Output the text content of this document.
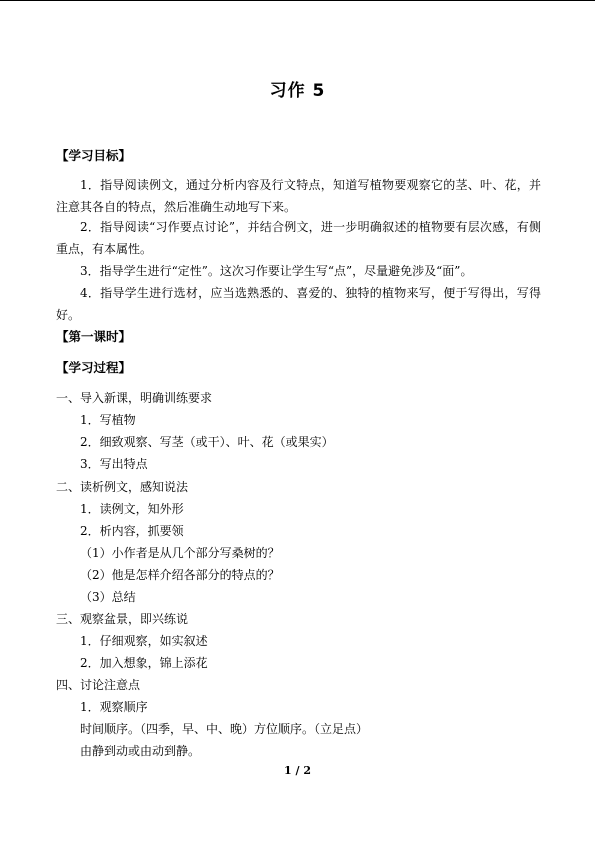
习作 5
【学习目标】
1．指导阅读例文，通过分析内容及行文特点，知道写植物要观察它的茎、叶、花，并注意其各自的特点，然后准确生动地写下来。
2．指导阅读“习作要点讨论”，并结合例文，进一步明确叙述的植物要有层次感，有侧重点，有本属性。
3．指导学生进行“定性”。这次习作要让学生写“点”，尽量避免涉及“面”。
4．指导学生进行选材，应当选熟悉的、喜爱的、独特的植物来写，便于写得出，写得好。
【第一课时】
【学习过程】
一、导入新课，明确训练要求
1．写植物
2．细致观察、写茎（或干）、叶、花（或果实）
3．写出特点
二、读析例文，感知说法
1．读例文，知外形
2．析内容，抓要领
（1）小作者是从几个部分写桑树的？
（2）他是怎样介绍各部分的特点的？
（3）总结
三、观察盆景，即兴练说
1．仔细观察，如实叙述
2．加入想象，锦上添花
四、讨论注意点
1．观察顺序
时间顺序。（四季，早、中、晚）方位顺序。（立足点）
由静到动或由动到静。
1 / 2
